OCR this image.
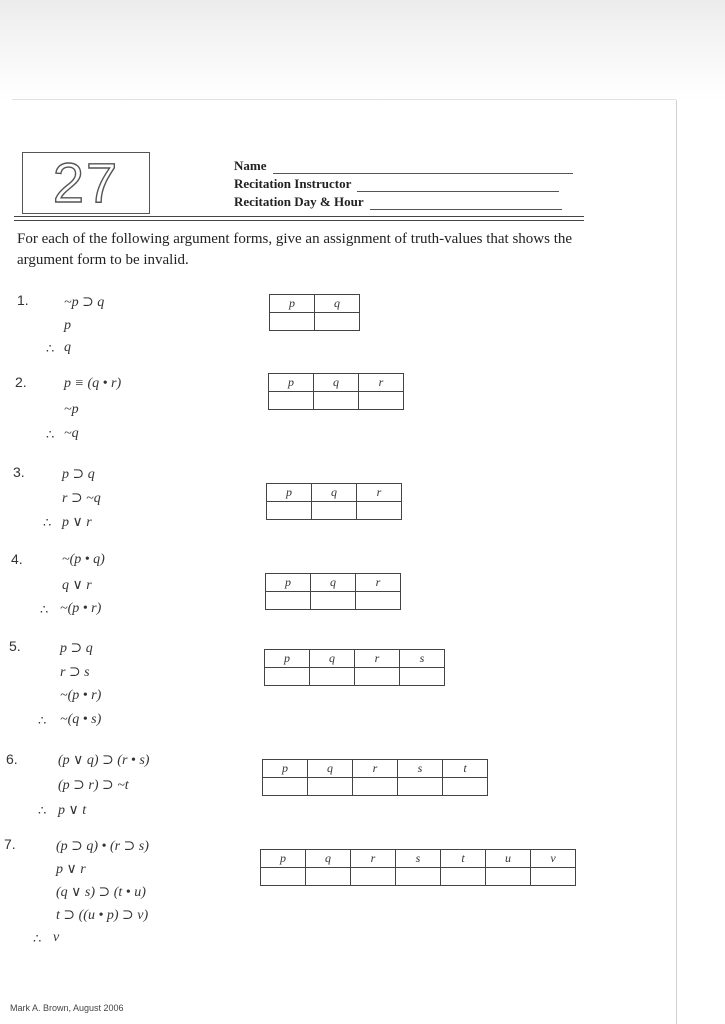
27	Name
Recitation Instructor
Recitation Day & Hour
For each of the following argument forms, give an assignment of truth-values that shows the argument form to be invalid.
1.	~p ⊃ q
p
∴ q
p	q

2.	p ≡ (q • r)
~p
∴ ~q
p	q	r

3.	p ⊃ q
r ⊃ ~q
∴ p ∨ r
p	q	r

4.	~(p • q)
q ∨ r
∴ ~(p • r)
p	q	r

5.	p ⊃ q
r ⊃ s
~(p • r)
∴ ~(q • s)
p	q	r	s

6.	(p ∨ q) ⊃ (r • s)
(p ⊃ r) ⊃ ~t
∴ p ∨ t
p	q	r	s	t

7.	(p ⊃ q) • (r ⊃ s)
p ∨ r
(q ∨ s) ⊃ (t • u)
t ⊃ ((u • p) ⊃ v)
∴ v
p	q	r	s	t	u	v

Mark A. Brown, August 2006
